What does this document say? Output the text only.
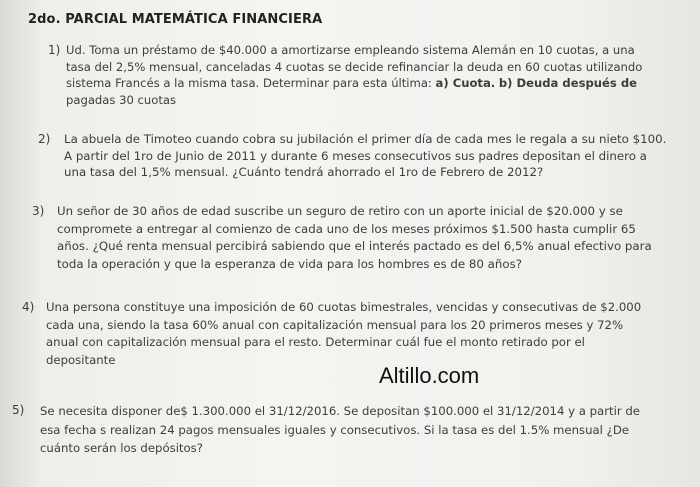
2do. PARCIAL MATEMÁTICA FINANCIERA
1) Ud. Toma un préstamo de $40.000 a amortizarse empleando sistema Alemán en 10 cuotas, a una
tasa del 2,5% mensual, canceladas 4 cuotas se decide refinanciar la deuda en 60 cuotas utilizando
sistema Francés a la misma tasa. Determinar para esta última: a) Cuota. b) Deuda después de
pagadas 30 cuotas
2) La abuela de Timoteo cuando cobra su jubilación el primer día de cada mes le regala a su nieto $100.
A partir del 1ro de Junio de 2011 y durante 6 meses consecutivos sus padres depositan el dinero a
una tasa del 1,5% mensual. ¿Cuánto tendrá ahorrado el 1ro de Febrero de 2012?
3) Un señor de 30 años de edad suscribe un seguro de retiro con un aporte inicial de $20.000 y se
compromete a entregar al comienzo de cada uno de los meses próximos $1.500 hasta cumplir 65
años. ¿Qué renta mensual percibirá sabiendo que el interés pactado es del 6,5% anual efectivo para
toda la operación y que la esperanza de vida para los hombres es de 80 años?
4) Una persona constituye una imposición de 60 cuotas bimestrales, vencidas y consecutivas de $2.000
cada una, siendo la tasa 60% anual con capitalización mensual para los 20 primeros meses y 72%
anual con capitalización mensual para el resto. Determinar cuál fue el monto retirado por el
depositante
5) Se necesita disponer de$ 1.300.000 el 31/12/2016. Se depositan $100.000 el 31/12/2014 y a partir de
esa fecha s realizan 24 pagos mensuales iguales y consecutivos. Si la tasa es del 1.5% mensual ¿De
cuánto serán los depósitos?
Altillo.com
